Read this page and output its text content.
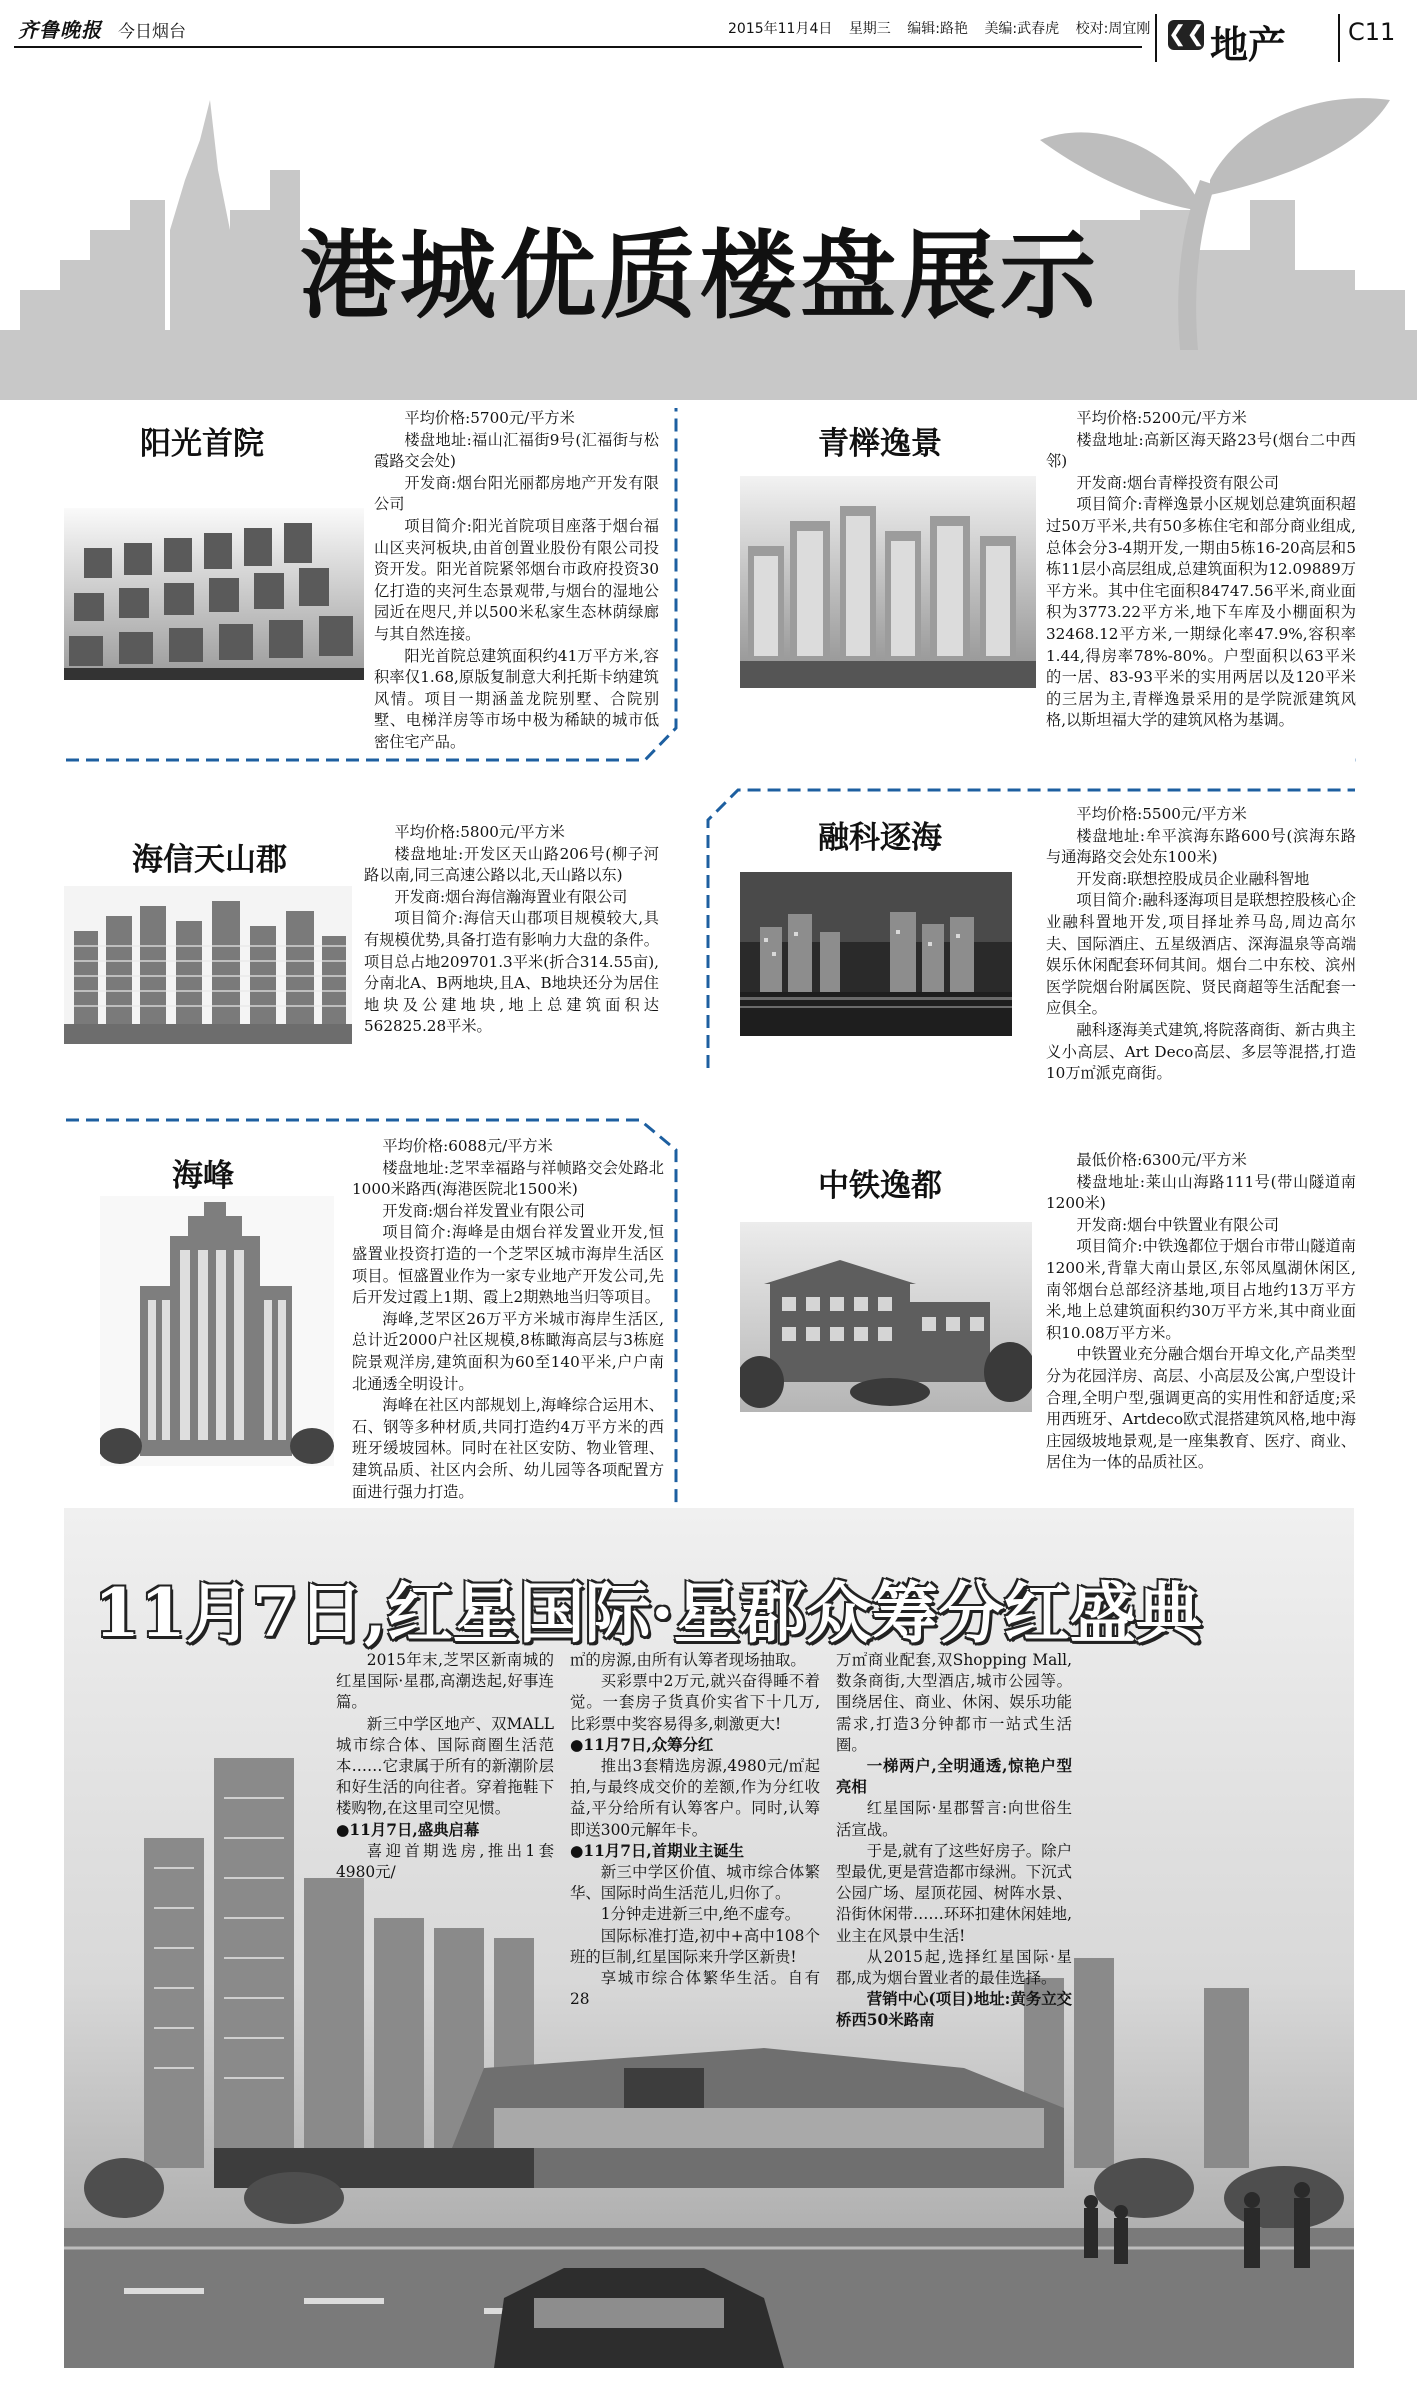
齐鲁晚报 今日烟台	2015年11月4日 星期三 编辑:路艳 美编:武春虎 校对:周宜刚 ❮❮ 地产	C11
港城优质楼盘展示
阳光首院

平均价格:5700元/平方米

楼盘地址:福山汇福街9号(汇福街与松霞路交会处)

开发商:烟台阳光丽都房地产开发有限公司

项目简介:阳光首院项目座落于烟台福山区夹河板块,由首创置业股份有限公司投资开发。阳光首院紧邻烟台市政府投资30亿打造的夹河生态景观带,与烟台的湿地公园近在咫尺,并以500米私家生态林荫绿廊与其自然连接。

阳光首院总建筑面积约41万平方米,容积率仅1.68,原版复制意大利托斯卡纳建筑风情。项目一期涵盖龙院别墅、合院别墅、电梯洋房等市场中极为稀缺的城市低密住宅产品。

青榉逸景

平均价格:5200元/平方米

楼盘地址:高新区海天路23号(烟台二中西邻)

开发商:烟台青榉投资有限公司

项目简介:青榉逸景小区规划总建筑面积超过50万平米,共有50多栋住宅和部分商业组成,总体会分3-4期开发,一期由5栋16-20高层和5栋11层小高层组成,总建筑面积为12.09889万平方米。其中住宅面积84747.56平米,商业面积为3773.22平方米,地下车库及小棚面积为32468.12平方米,一期绿化率47.9%,容积率1.44,得房率78%-80%。户型面积以63平米的一居、83-93平米的实用两居以及120平米的三居为主,青榉逸景采用的是学院派建筑风格,以斯坦福大学的建筑风格为基调。

海信天山郡

平均价格:5800元/平方米

楼盘地址:开发区天山路206号(柳子河路以南,同三高速公路以北,天山路以东)

开发商:烟台海信瀚海置业有限公司

项目简介:海信天山郡项目规模较大,具有规模优势,具备打造有影响力大盘的条件。项目总占地209701.3平米(折合314.55亩),分南北A、B两地块,且A、B地块还分为居住地块及公建地块,地上总建筑面积达562825.28平米。

融科逐海

平均价格:5500元/平方米

楼盘地址:牟平滨海东路600号(滨海东路与通海路交会处东100米)

开发商:联想控股成员企业融科智地

项目简介:融科逐海项目是联想控股核心企业融科置地开发,项目择址养马岛,周边高尔夫、国际酒庄、五星级酒店、深海温泉等高端娱乐休闲配套环伺其间。烟台二中东校、滨州医学院烟台附属医院、贤民商超等生活配套一应俱全。

融科逐海美式建筑,将院落商街、新古典主义小高层、Art Deco高层、多层等混搭,打造10万㎡派克商街。

海峰

平均价格:6088元/平方米

楼盘地址:芝罘幸福路与祥帧路交会处路北1000米路西(海港医院北1500米)

开发商:烟台祥发置业有限公司

项目简介:海峰是由烟台祥发置业开发,恒盛置业投资打造的一个芝罘区城市海岸生活区项目。恒盛置业作为一家专业地产开发公司,先后开发过霞上1期、霞上2期熟地当归等项目。

海峰,芝罘区26万平方米城市海岸生活区,总计近2000户社区规模,8栋瞰海高层与3栋庭院景观洋房,建筑面积为60至140平米,户户南北通透全明设计。

海峰在社区内部规划上,海峰综合运用木、石、钢等多种材质,共同打造约4万平方米的西班牙缓坡园林。同时在社区安防、物业管理、建筑品质、社区内会所、幼儿园等各项配置方面进行强力打造。

中铁逸都

最低价格:6300元/平方米

楼盘地址:莱山山海路111号(带山隧道南1200米)

开发商:烟台中铁置业有限公司

项目简介:中铁逸都位于烟台市带山隧道南1200米,背靠大南山景区,东邻凤凰湖休闲区,南邻烟台总部经济基地,项目占地约13万平方米,地上总建筑面积约30万平方米,其中商业面积10.08万平方米。

中铁置业充分融合烟台开埠文化,产品类型分为花园洋房、高层、小高层及公寓,户型设计合理,全明户型,强调更高的实用性和舒适度;采用西班牙、Artdeco欧式混搭建筑风格,地中海庄园级坡地景观,是一座集教育、医疗、商业、居住为一体的品质社区。

11月7日,红星国际·星郡众筹分红盛典

2015年末,芝罘区新南城的红星国际·星郡,高潮迭起,好事连篇。

新三中学区地产、双MALL城市综合体、国际商圈生活范本……它隶属于所有的新潮阶层和好生活的向往者。穿着拖鞋下楼购物,在这里司空见惯。

●11月7日,盛典启幕

喜迎首期选房,推出1套4980元/

㎡的房源,由所有认筹者现场抽取。

买彩票中2万元,就兴奋得睡不着觉。一套房子货真价实省下十几万,比彩票中奖容易得多,刺激更大!

●11月7日,众筹分红

推出3套精选房源,4980元/㎡起拍,与最终成交价的差额,作为分红收益,平分给所有认筹客户。同时,认筹即送300元解年卡。

●11月7日,首期业主诞生

新三中学区价值、城市综合体繁华、国际时尚生活范儿,归你了。

1分钟走进新三中,绝不虚夸。

国际标准打造,初中+高中108个班的巨制,红星国际来升学区新贵!

享城市综合体繁华生活。自有28

万㎡商业配套,双Shopping Mall,数条商街,大型酒店,城市公园等。围绕居住、商业、休闲、娱乐功能需求,打造3分钟都市一站式生活圈。

一梯两户,全明通透,惊艳户型亮相

红星国际·星郡誓言:向世俗生活宣战。

于是,就有了这些好房子。除户型最优,更是营造都市绿洲。下沉式公园广场、屋顶花园、树阵水景、沿街休闲带……环环扣建休闲娃地,业主在风景中生活!

从2015起,选择红星国际·星郡,成为烟台置业者的最佳选择。

营销中心(项目)地址:黄务立交桥西50米路南
